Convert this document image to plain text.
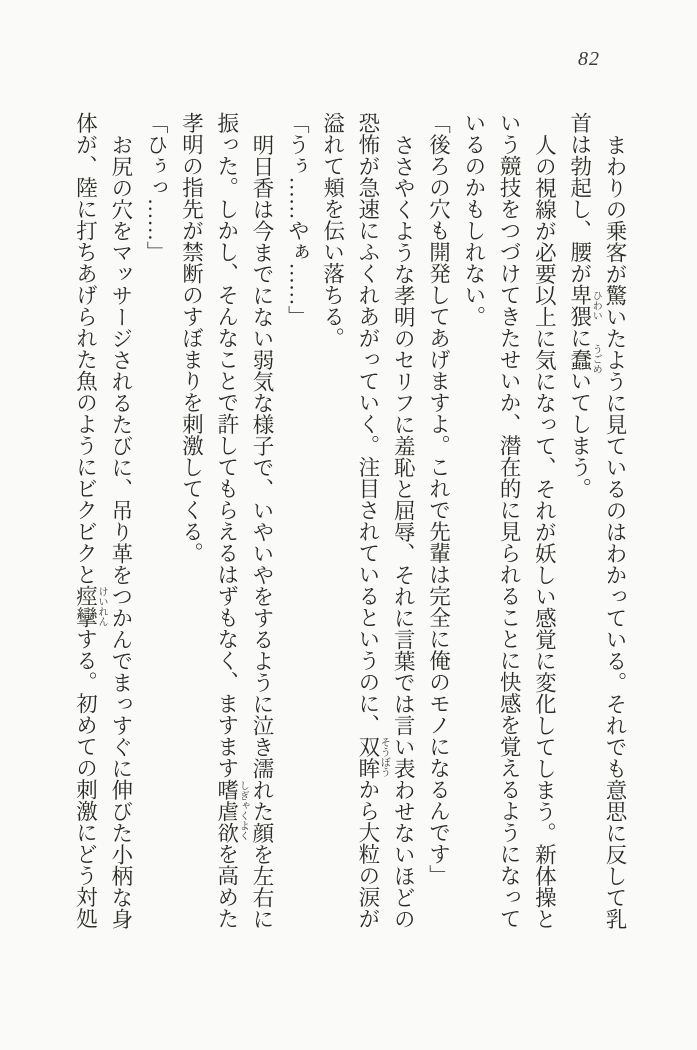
82

まわりの乗客が驚いたように見ているのはわかっている。それでも意思に反して乳首は勃起し、腰が卑猥ひわいに蠢うごめいてしまう。

人の視線が必要以上に気になって、それが妖しい感覚に変化してしまう。新体操という競技をつづけてきたせいか、潜在的に見られることに快感を覚えるようになっているのかもしれない。

「後ろの穴も開発してあげますよ。これで先輩は完全に俺のモノになるんです」

ささやくような孝明のセリフに羞恥と屈辱、それに言葉では言い表わせないほどの恐怖が急速にふくれあがっていく。注目されているというのに、双眸そうぼうから大粒の涙が溢れて頬を伝い落ちる。

「うぅ……やぁ……」

明日香は今までにない弱気な様子で、いやいやをするように泣き濡れた顔を左右に振った。しかし、そんなことで許してもらえるはずもなく、ますます嗜虐欲しぎゃくよくを高めた孝明の指先が禁断のすぼまりを刺激してくる。

「ひぅっ……」

お尻の穴をマッサージされるたびに、吊り革をつかんでまっすぐに伸びた小柄な身体が、陸に打ちあげられた魚のようにビクビクと痙攣けいれんする。初めての刺激にどう対処
